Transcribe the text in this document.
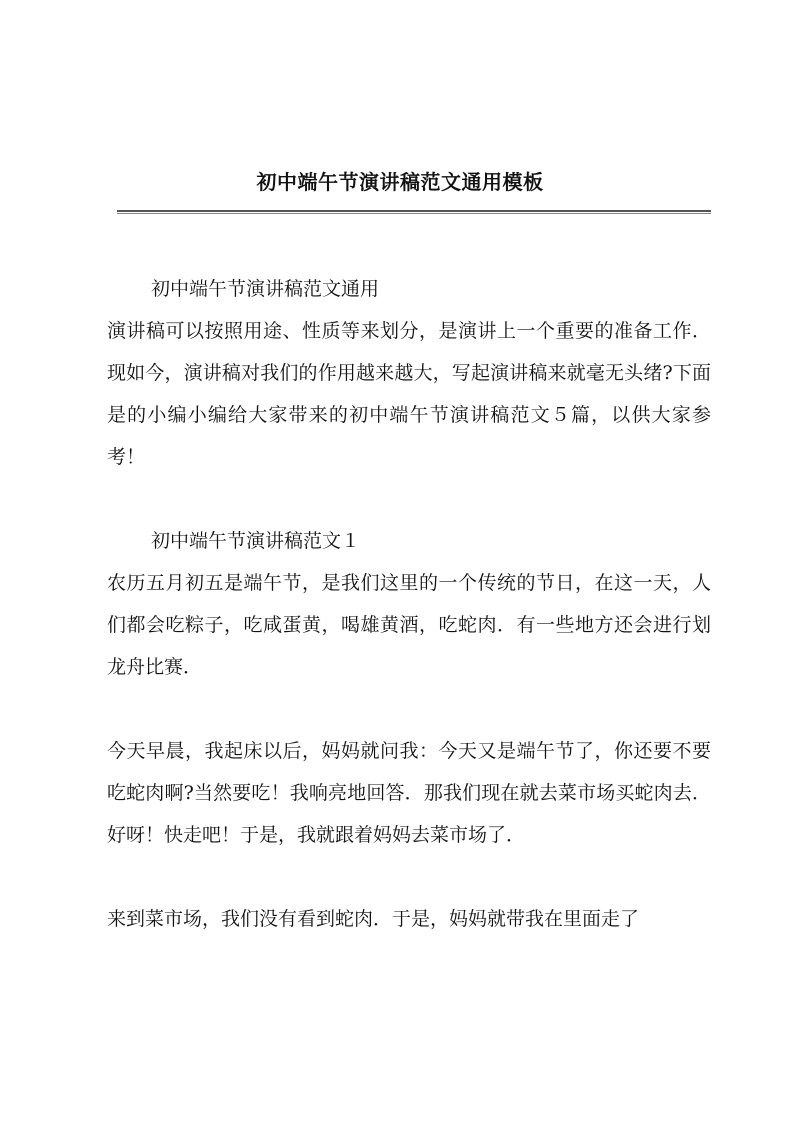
初中端午节演讲稿范文通用模板

初中端午节演讲稿范文通用

演讲稿可以按照用途、性质等来划分，是演讲上一个重要的准备工作．现如今，演讲稿对我们的作用越来越大，写起演讲稿来就毫无头绪?下面是的小编小编给大家带来的初中端午节演讲稿范文５篇，以供大家参考！

初中端午节演讲稿范文１

农历五月初五是端午节，是我们这里的一个传统的节日，在这一天，人们都会吃粽子，吃咸蛋黄，喝雄黄酒，吃蛇肉．有一些地方还会进行划龙舟比赛．

今天早晨，我起床以后，妈妈就问我：今天又是端午节了，你还要不要吃蛇肉啊?当然要吃！我响亮地回答．那我们现在就去菜市场买蛇肉去．好呀！快走吧！于是，我就跟着妈妈去菜市场了．

来到菜市场，我们没有看到蛇肉．于是，妈妈就带我在里面走了
